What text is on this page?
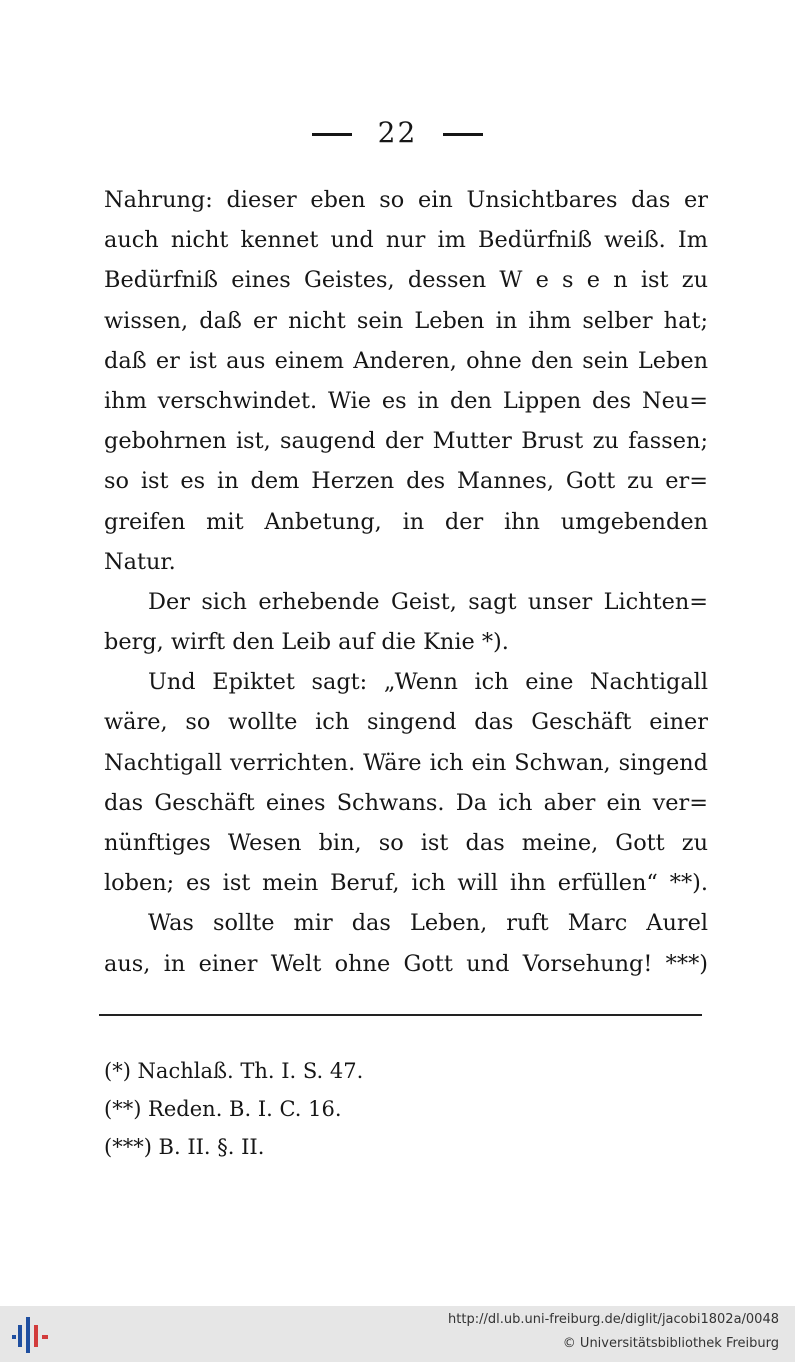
22
Nahrung: dieser eben so ein Unsichtbares das er
auch nicht kennet und nur im Bedürfniß weiß. Im
Bedürfniß eines Geistes, dessen W e s e n ist zu
wissen, daß er nicht sein Leben in ihm selber hat;
daß er ist aus einem Anderen, ohne den sein Leben
ihm verschwindet. Wie es in den Lippen des Neu=
gebohrnen ist, saugend der Mutter Brust zu fassen;
so ist es in dem Herzen des Mannes, Gott zu er=
greifen mit Anbetung, in der ihn umgebenden
Natur.
Der sich erhebende Geist, sagt unser Lichten=
berg, wirft den Leib auf die Knie *).
Und Epiktet sagt: „Wenn ich eine Nachtigall
wäre, so wollte ich singend das Geschäft einer
Nachtigall verrichten. Wäre ich ein Schwan, singend
das Geschäft eines Schwans. Da ich aber ein ver=
nünftiges Wesen bin, so ist das meine, Gott zu
loben; es ist mein Beruf, ich will ihn erfüllen“ **).
Was sollte mir das Leben, ruft Marc Aurel
aus, in einer Welt ohne Gott und Vorsehung! ***)
(*) Nachlaß. Th. I. S. 47.
(**) Reden. B. I. C. 16.
(***) B. II. §. II.
http://dl.ub.uni-freiburg.de/diglit/jacobi1802a/0048
© Universitätsbibliothek Freiburg
